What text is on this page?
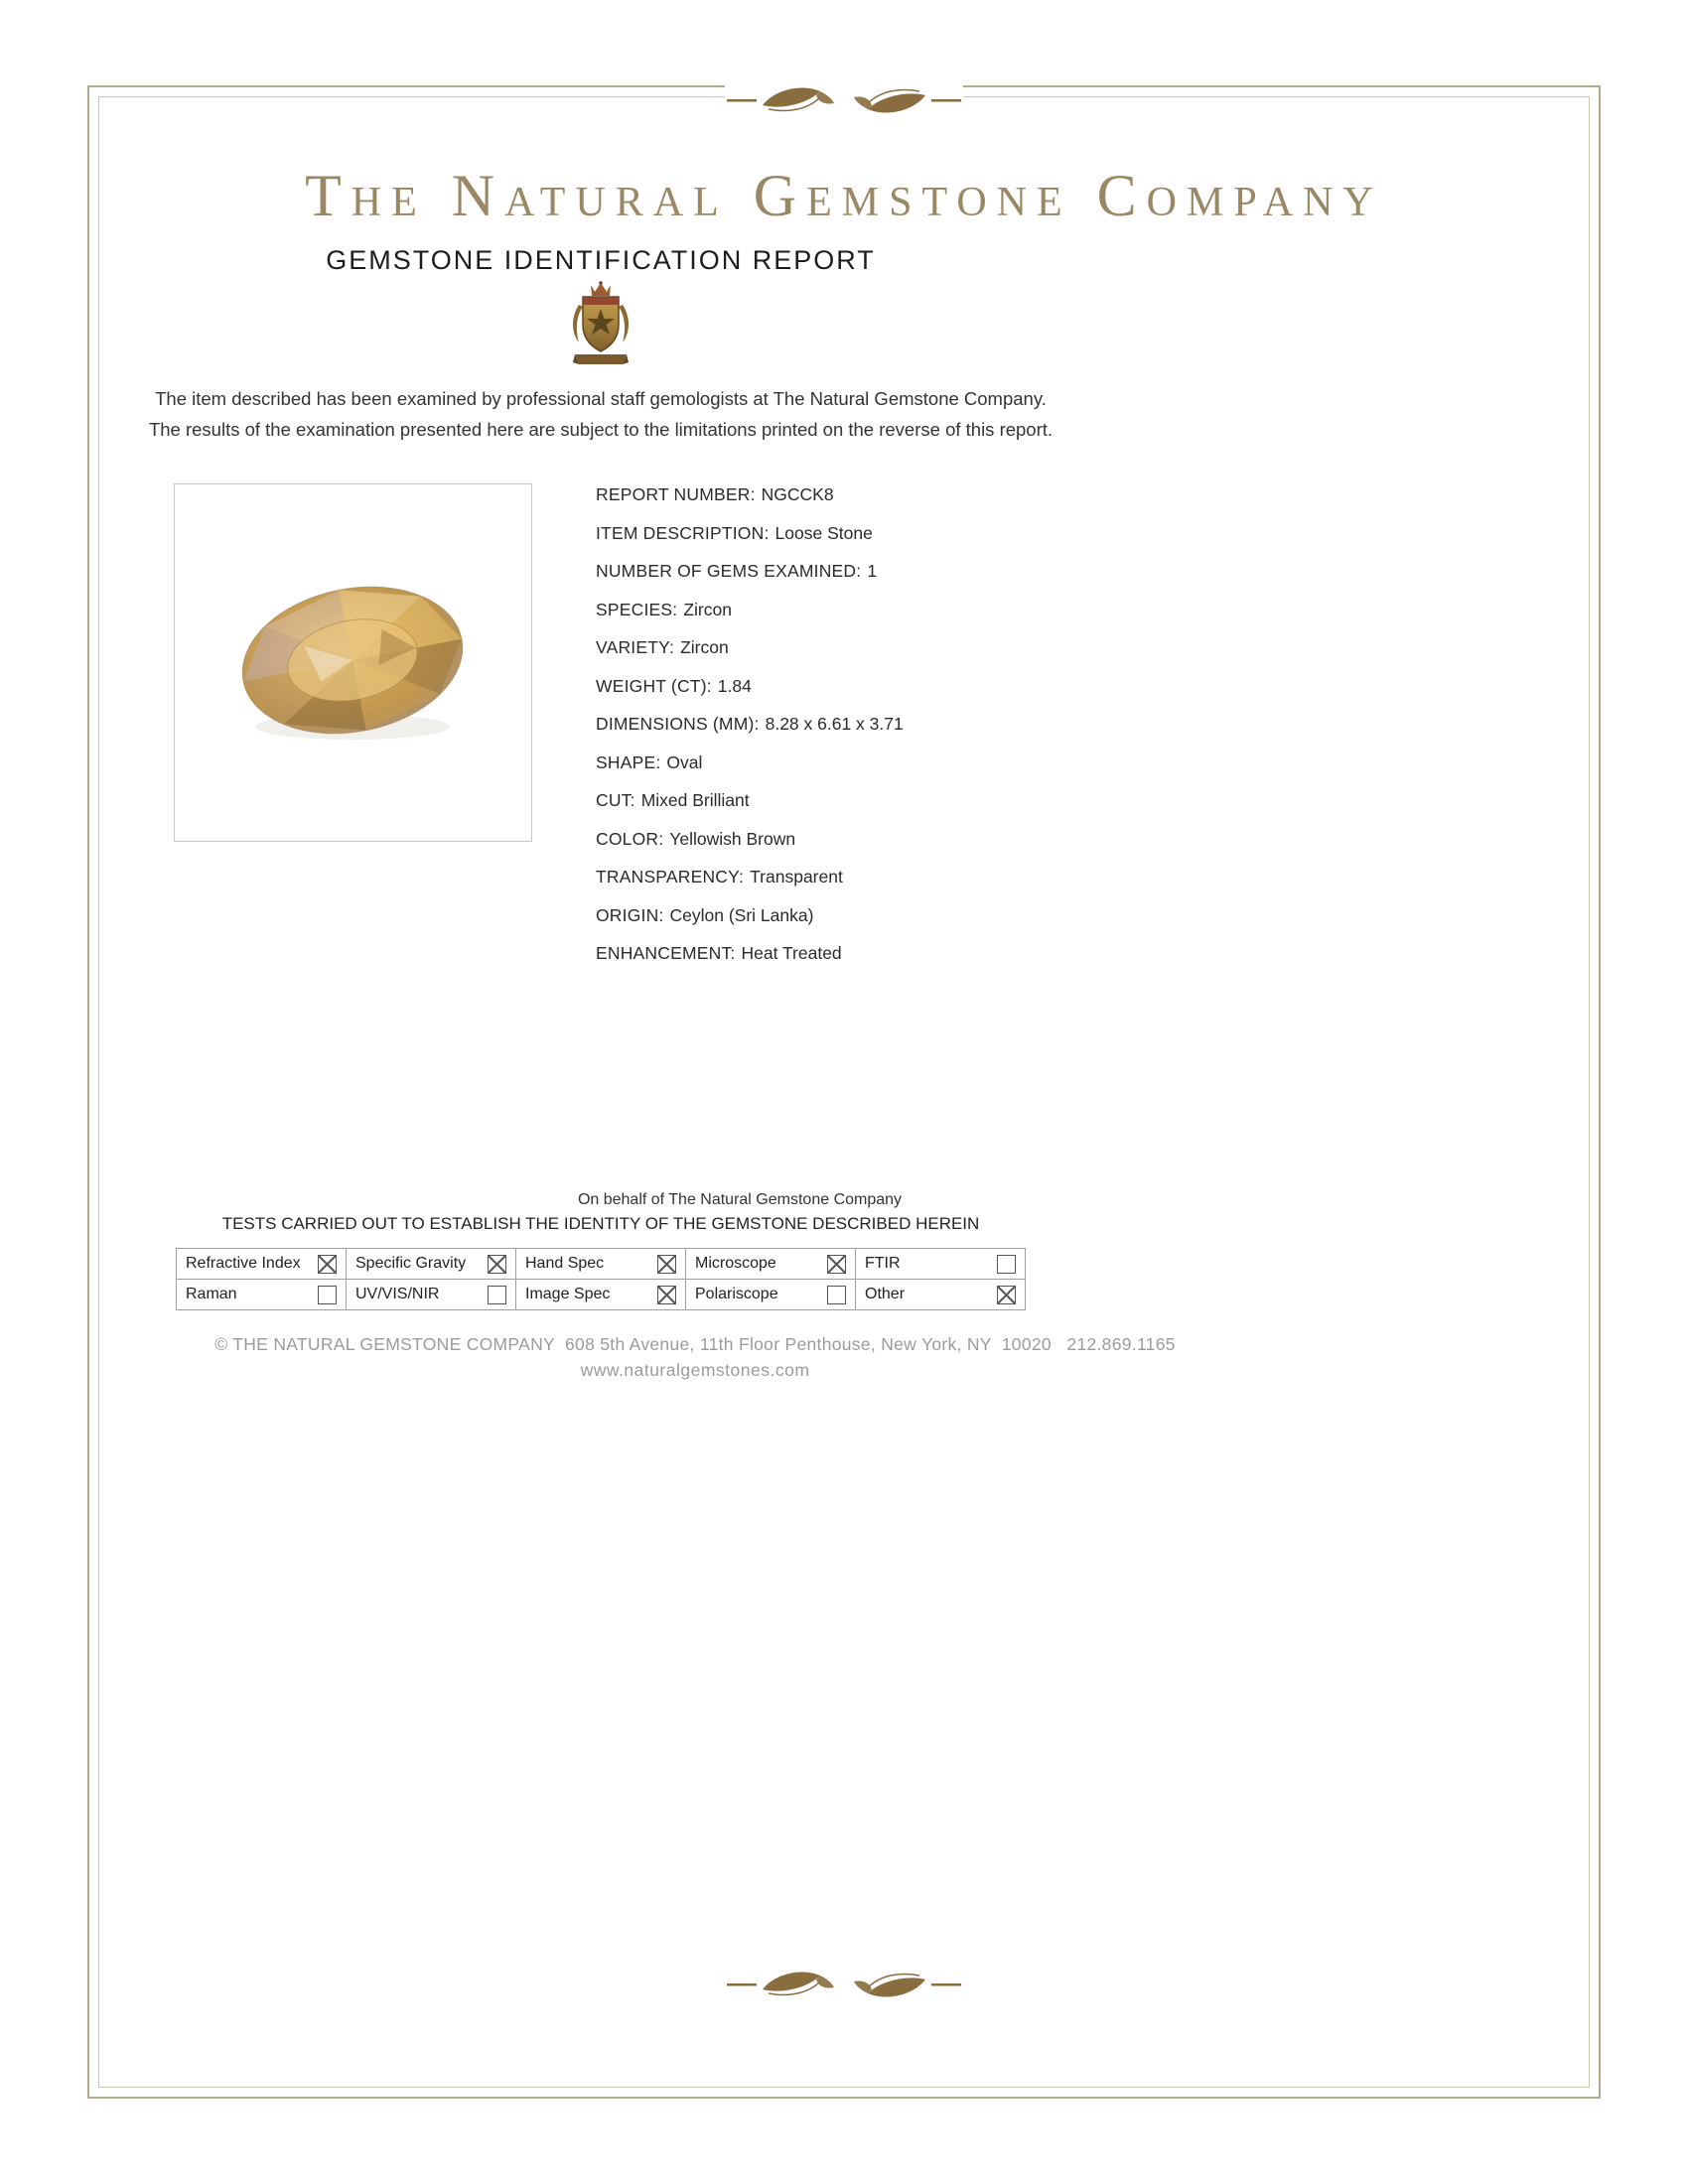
The Natural Gemstone Company
GEMSTONE IDENTIFICATION REPORT
The item described has been examined by professional staff gemologists at The Natural Gemstone Company.
The results of the examination presented here are subject to the limitations printed on the reverse of this report.
REPORT NUMBER: NGCCK8
ITEM DESCRIPTION: Loose Stone
NUMBER OF GEMS EXAMINED: 1
SPECIES: Zircon
VARIETY: Zircon
WEIGHT (CT): 1.84
DIMENSIONS (MM): 8.28 x 6.61 x 3.71
SHAPE: Oval
CUT: Mixed Brilliant
COLOR: Yellowish Brown
TRANSPARENCY: Transparent
ORIGIN: Ceylon (Sri Lanka)
ENHANCEMENT: Heat Treated
On behalf of The Natural Gemstone Company
TESTS CARRIED OUT TO ESTABLISH THE IDENTITY OF THE GEMSTONE DESCRIBED HEREIN
Refractive Index	Specific Gravity	Hand Spec	Microscope	FTIR

Raman	UV/VIS/NIR	Image Spec	Polariscope	Other
© THE NATURAL GEMSTONE COMPANY  608 5th Avenue, 11th Floor Penthouse, New York, NY  10020   212.869.1165
www.naturalgemstones.com
